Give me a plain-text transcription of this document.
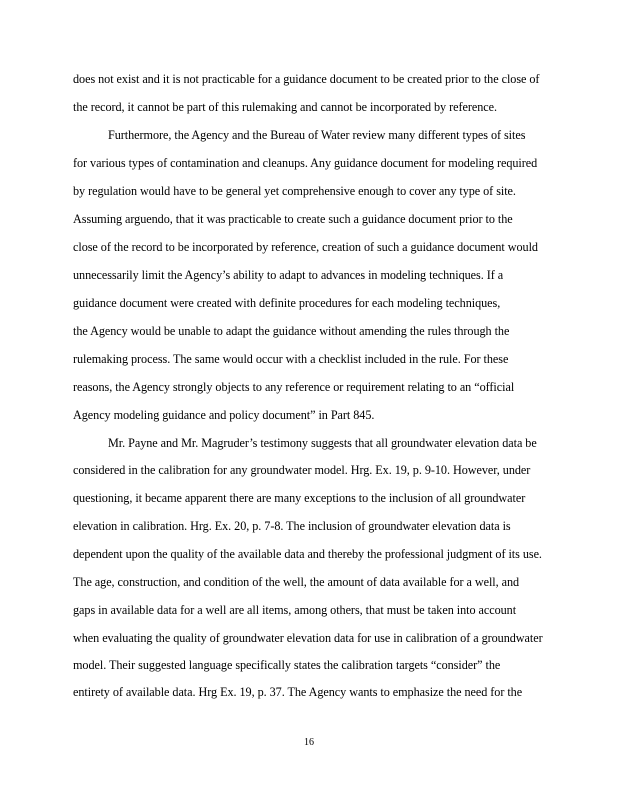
does not exist and it is not practicable for a guidance document to be created prior to the close of
the record, it cannot be part of this rulemaking and cannot be incorporated by reference.
Furthermore, the Agency and the Bureau of Water review many different types of sites
for various types of contamination and cleanups. Any guidance document for modeling required
by regulation would have to be general yet comprehensive enough to cover any type of site.
Assuming arguendo, that it was practicable to create such a guidance document prior to the
close of the record to be incorporated by reference, creation of such a guidance document would
unnecessarily limit the Agency’s ability to adapt to advances in modeling techniques. If a
guidance document were created with definite procedures for each modeling techniques,
the Agency would be unable to adapt the guidance without amending the rules through the
rulemaking process. The same would occur with a checklist included in the rule. For these
reasons, the Agency strongly objects to any reference or requirement relating to an “official
Agency modeling guidance and policy document” in Part 845.
Mr. Payne and Mr. Magruder’s testimony suggests that all groundwater elevation data be
considered in the calibration for any groundwater model. Hrg. Ex. 19, p. 9-10. However, under
questioning, it became apparent there are many exceptions to the inclusion of all groundwater
elevation in calibration. Hrg. Ex. 20, p. 7-8. The inclusion of groundwater elevation data is
dependent upon the quality of the available data and thereby the professional judgment of its use.
The age, construction, and condition of the well, the amount of data available for a well, and
gaps in available data for a well are all items, among others, that must be taken into account
when evaluating the quality of groundwater elevation data for use in calibration of a groundwater
model. Their suggested language specifically states the calibration targets “consider” the
entirety of available data. Hrg Ex. 19, p. 37. The Agency wants to emphasize the need for the
16
